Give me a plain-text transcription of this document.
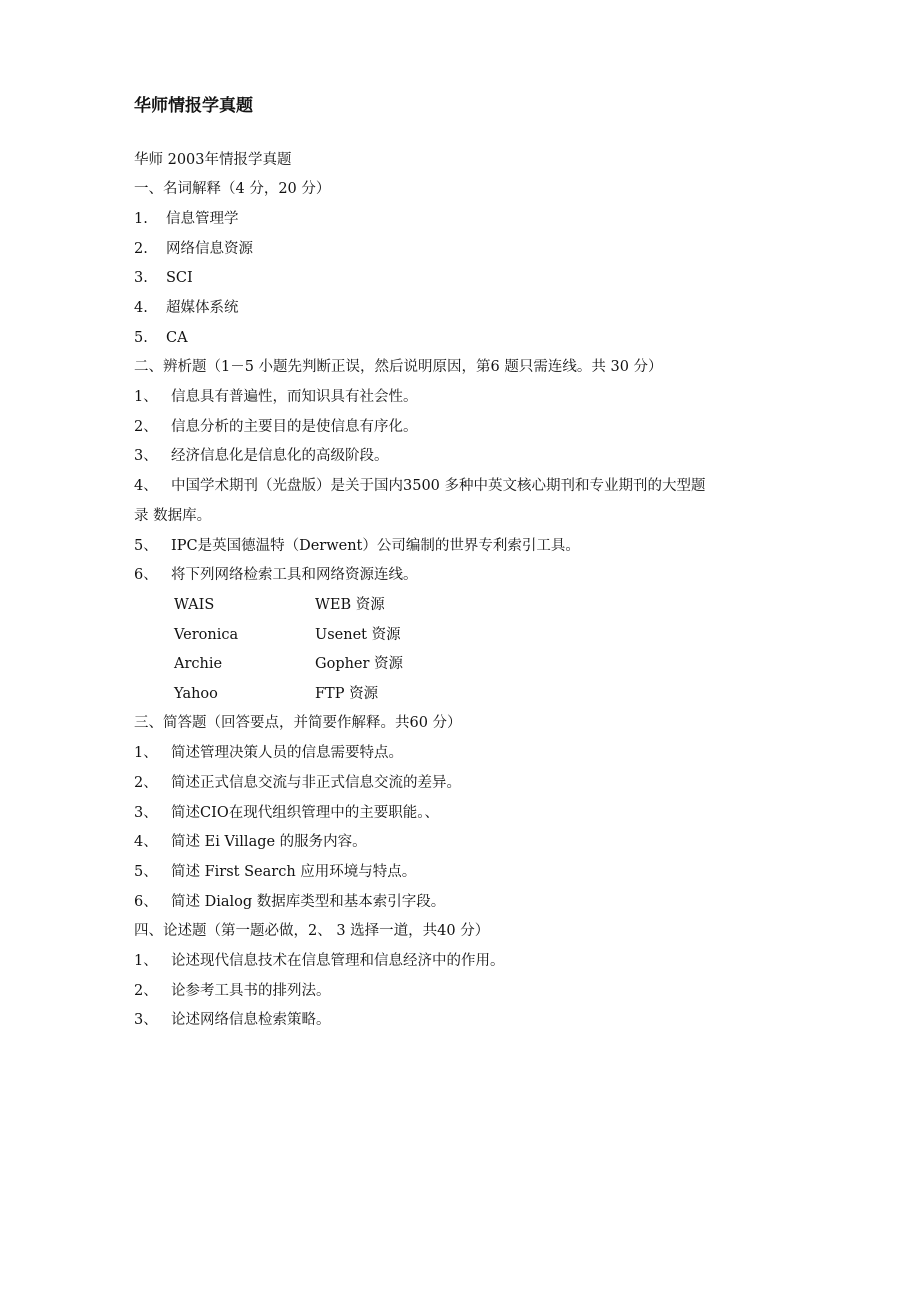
华师情报学真题
华师 2003年情报学真题
一、名词解释（4 分，20 分）
1. 信息管理学
2. 网络信息资源
3. SCI
4. 超媒体系统
5. CA
二、辨析题（1－5 小题先判断正误，然后说明原因，第6 题只需连线。共 30 分）
1、 信息具有普遍性，而知识具有社会性。
2、 信息分析的主要目的是使信息有序化。
3、 经济信息化是信息化的高级阶段。
4、 中国学术期刊（光盘版）是关于国内3500 多种中英文核心期刊和专业期刊的大型题
录 数据库。
5、 IPC是英国德温特（Derwent）公司编制的世界专利索引工具。
6、 将下列网络检索工具和网络资源连线。
WAIS	WEB 资源
Veronica	Usenet 资源
Archie	Gopher 资源
Yahoo	FTP 资源
三、简答题（回答要点，并简要作解释。共60 分）
1、 简述管理决策人员的信息需要特点。
2、 简述正式信息交流与非正式信息交流的差异。
3、 简述CIO在现代组织管理中的主要职能。、
4、 简述 Ei Village 的服务内容。
5、 简述 First Search 应用环境与特点。
6、 简述 Dialog 数据库类型和基本索引字段。
四、论述题（第一题必做，2、 3 选择一道，共40 分）
1、 论述现代信息技术在信息管理和信息经济中的作用。
2、 论参考工具书的排列法。
3、 论述网络信息检索策略。
